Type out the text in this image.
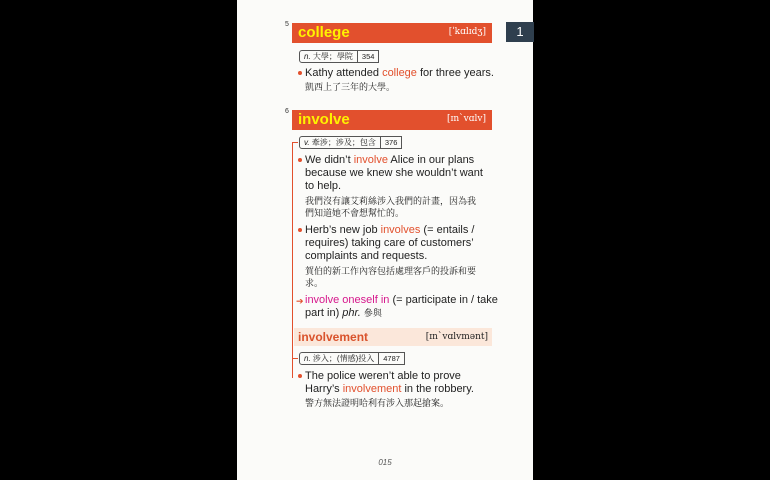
5 college	[ˈkɑlɪdʒ]
n. 大學；學院	354
Kathy attended college for three years.
凱西上了三年的大學。
6 involve	[ɪnˋvɑlv]
v. 牽涉；涉及；包含	376
We didn’t involve Alice in our plans
because we knew she wouldn’t want
to help.
我們沒有讓艾莉絲涉入我們的計畫，因為我
們知道她不會想幫忙的。
Herb’s new job involves (= entails /
requires) taking care of customers’
complaints and requests.
賀伯的新工作內容包括處理客戶的投訴和要
求。
➔ involve oneself in (= participate in / take
part in) phr. 參與
involvement	[ɪnˋvɑlvmənt]
n. 涉入；(情感)投入	4787
The police weren’t able to prove
Harry’s involvement in the robbery.
警方無法證明哈利有涉入那起搶案。
015
1
